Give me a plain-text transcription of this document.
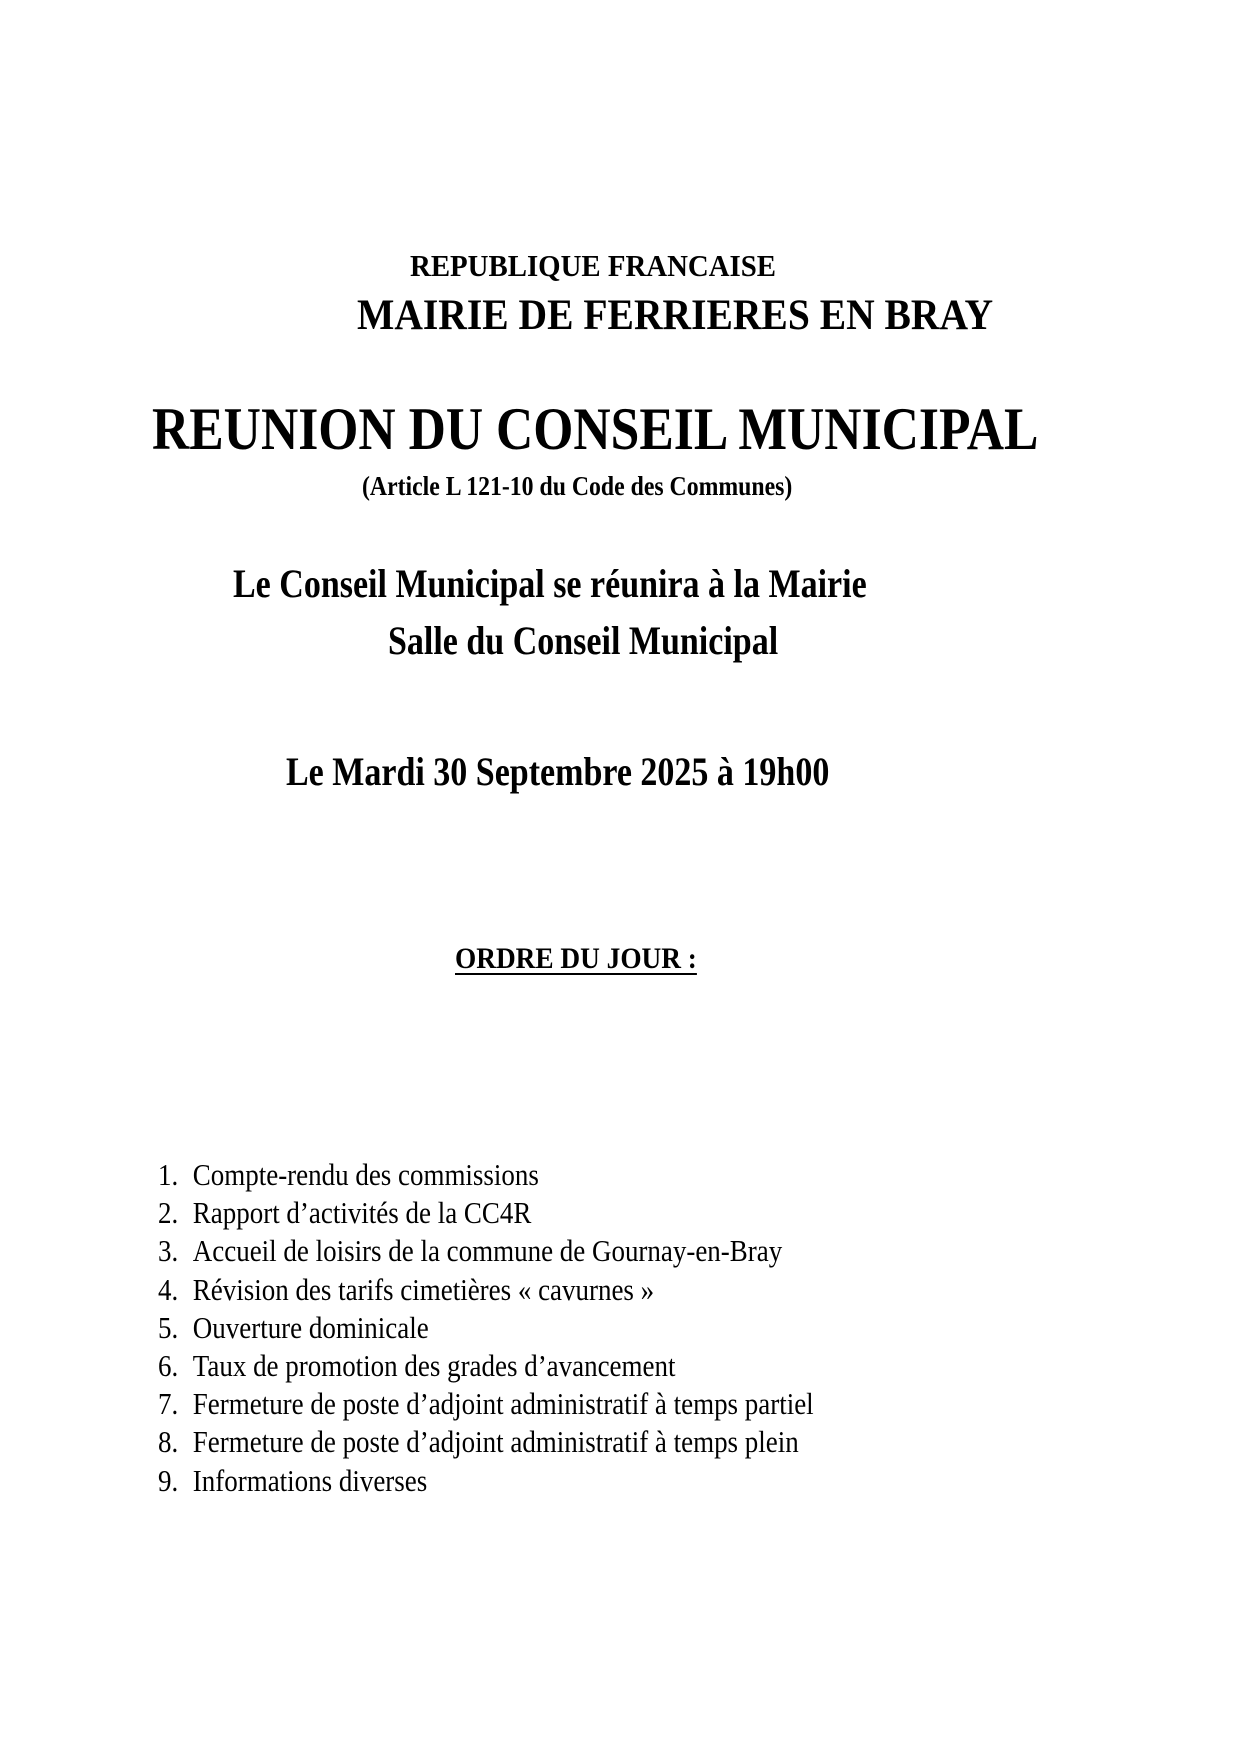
REPUBLIQUE FRANCAISE
MAIRIE DE FERRIERES EN BRAY
REUNION DU CONSEIL MUNICIPAL
(Article L 121-10 du Code des Communes)
Le Conseil Municipal se réunira à la Mairie
Salle du Conseil Municipal
Le Mardi 30 Septembre 2025 à 19h00
ORDRE DU JOUR :
1. Compte-rendu des commissions
2. Rapport d’activités de la CC4R
3. Accueil de loisirs de la commune de Gournay-en-Bray
4. Révision des tarifs cimetières « cavurnes »
5. Ouverture dominicale
6. Taux de promotion des grades d’avancement
7. Fermeture de poste d’adjoint administratif à temps partiel
8. Fermeture de poste d’adjoint administratif à temps plein
9. Informations diverses
